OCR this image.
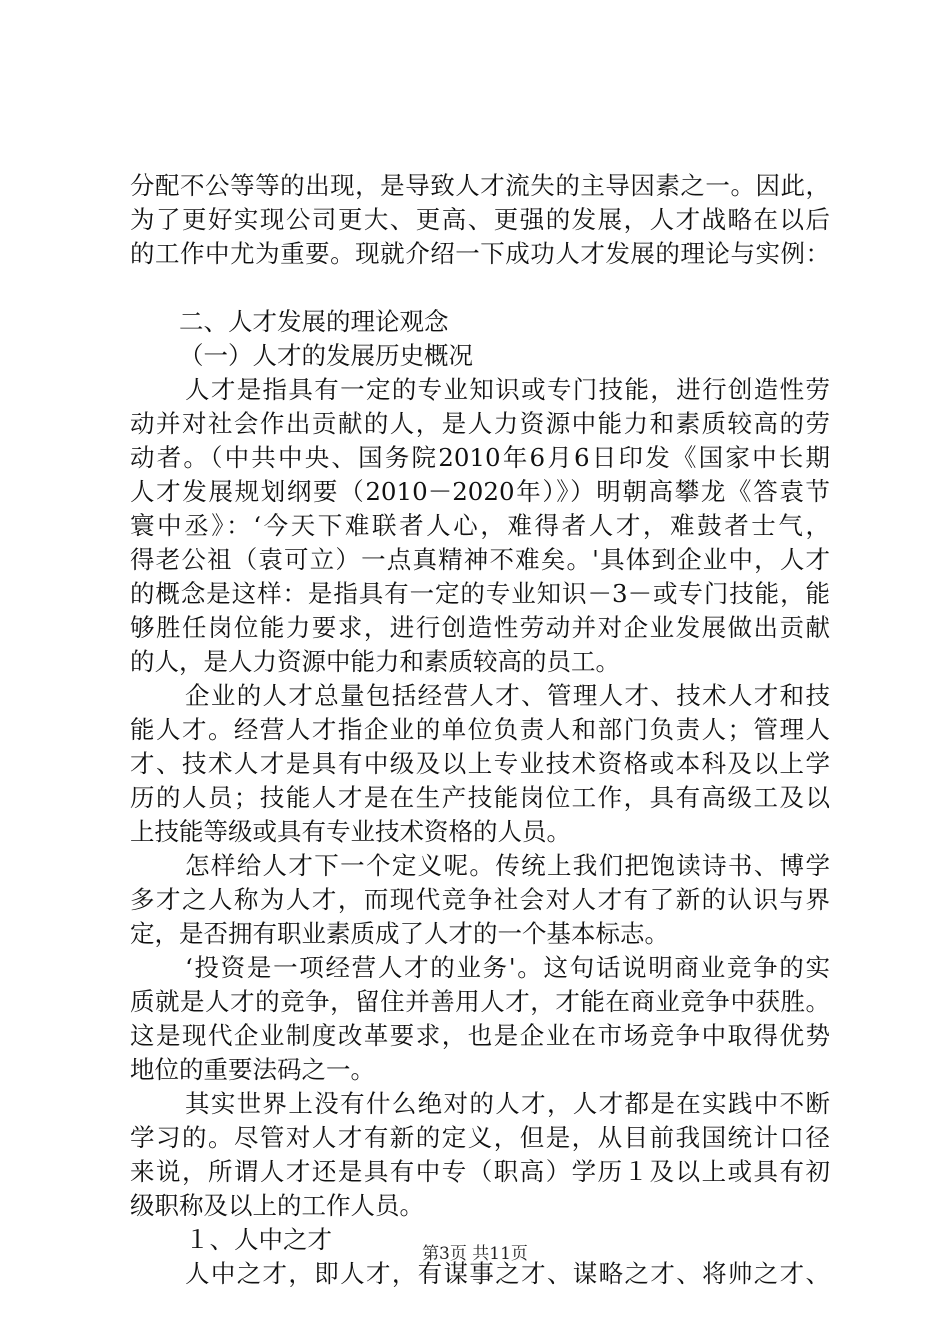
分配不公等等的出现，是导致人才流失的主导因素之一。因此，
为了更好实现公司更大、更高、更强的发展，人才战略在以后
的工作中尤为重要。现就介绍一下成功人才发展的理论与实例：
二、人才发展的理论观念
（一）人才的发展历史概况
人才是指具有一定的专业知识或专门技能，进行创造性劳
动并对社会作出贡献的人，是人力资源中能力和素质较高的劳
动者。（中共中央、国务院2010年6月6日印发《国家中长期
人才发展规划纲要（2010－2020年）》）明朝高攀龙《答袁节
寰中丞》：‘今天下难联者人心，难得者人才，难鼓者士气，
得老公祖（袁可立）一点真精神不难矣。'具体到企业中，人才
的概念是这样：是指具有一定的专业知识－3－或专门技能，能
够胜任岗位能力要求，进行创造性劳动并对企业发展做出贡献
的人，是人力资源中能力和素质较高的员工。
企业的人才总量包括经营人才、管理人才、技术人才和技
能人才。经营人才指企业的单位负责人和部门负责人；管理人
才、技术人才是具有中级及以上专业技术资格或本科及以上学
历的人员；技能人才是在生产技能岗位工作，具有高级工及以
上技能等级或具有专业技术资格的人员。
怎样给人才下一个定义呢。传统上我们把饱读诗书、博学
多才之人称为人才，而现代竞争社会对人才有了新的认识与界
定，是否拥有职业素质成了人才的一个基本标志。
‘投资是一项经营人才的业务'。这句话说明商业竞争的实
质就是人才的竞争，留住并善用人才，才能在商业竞争中获胜。
这是现代企业制度改革要求，也是企业在市场竞争中取得优势
地位的重要法码之一。
其实世界上没有什么绝对的人才，人才都是在实践中不断
学习的。尽管对人才有新的定义，但是，从目前我国统计口径
来说，所谓人才还是具有中专（职高）学历１及以上或具有初
级职称及以上的工作人员。
１、人中之才
人中之才，即人才，有谋事之才、谋略之才、将帅之才、
第3页 共11页
